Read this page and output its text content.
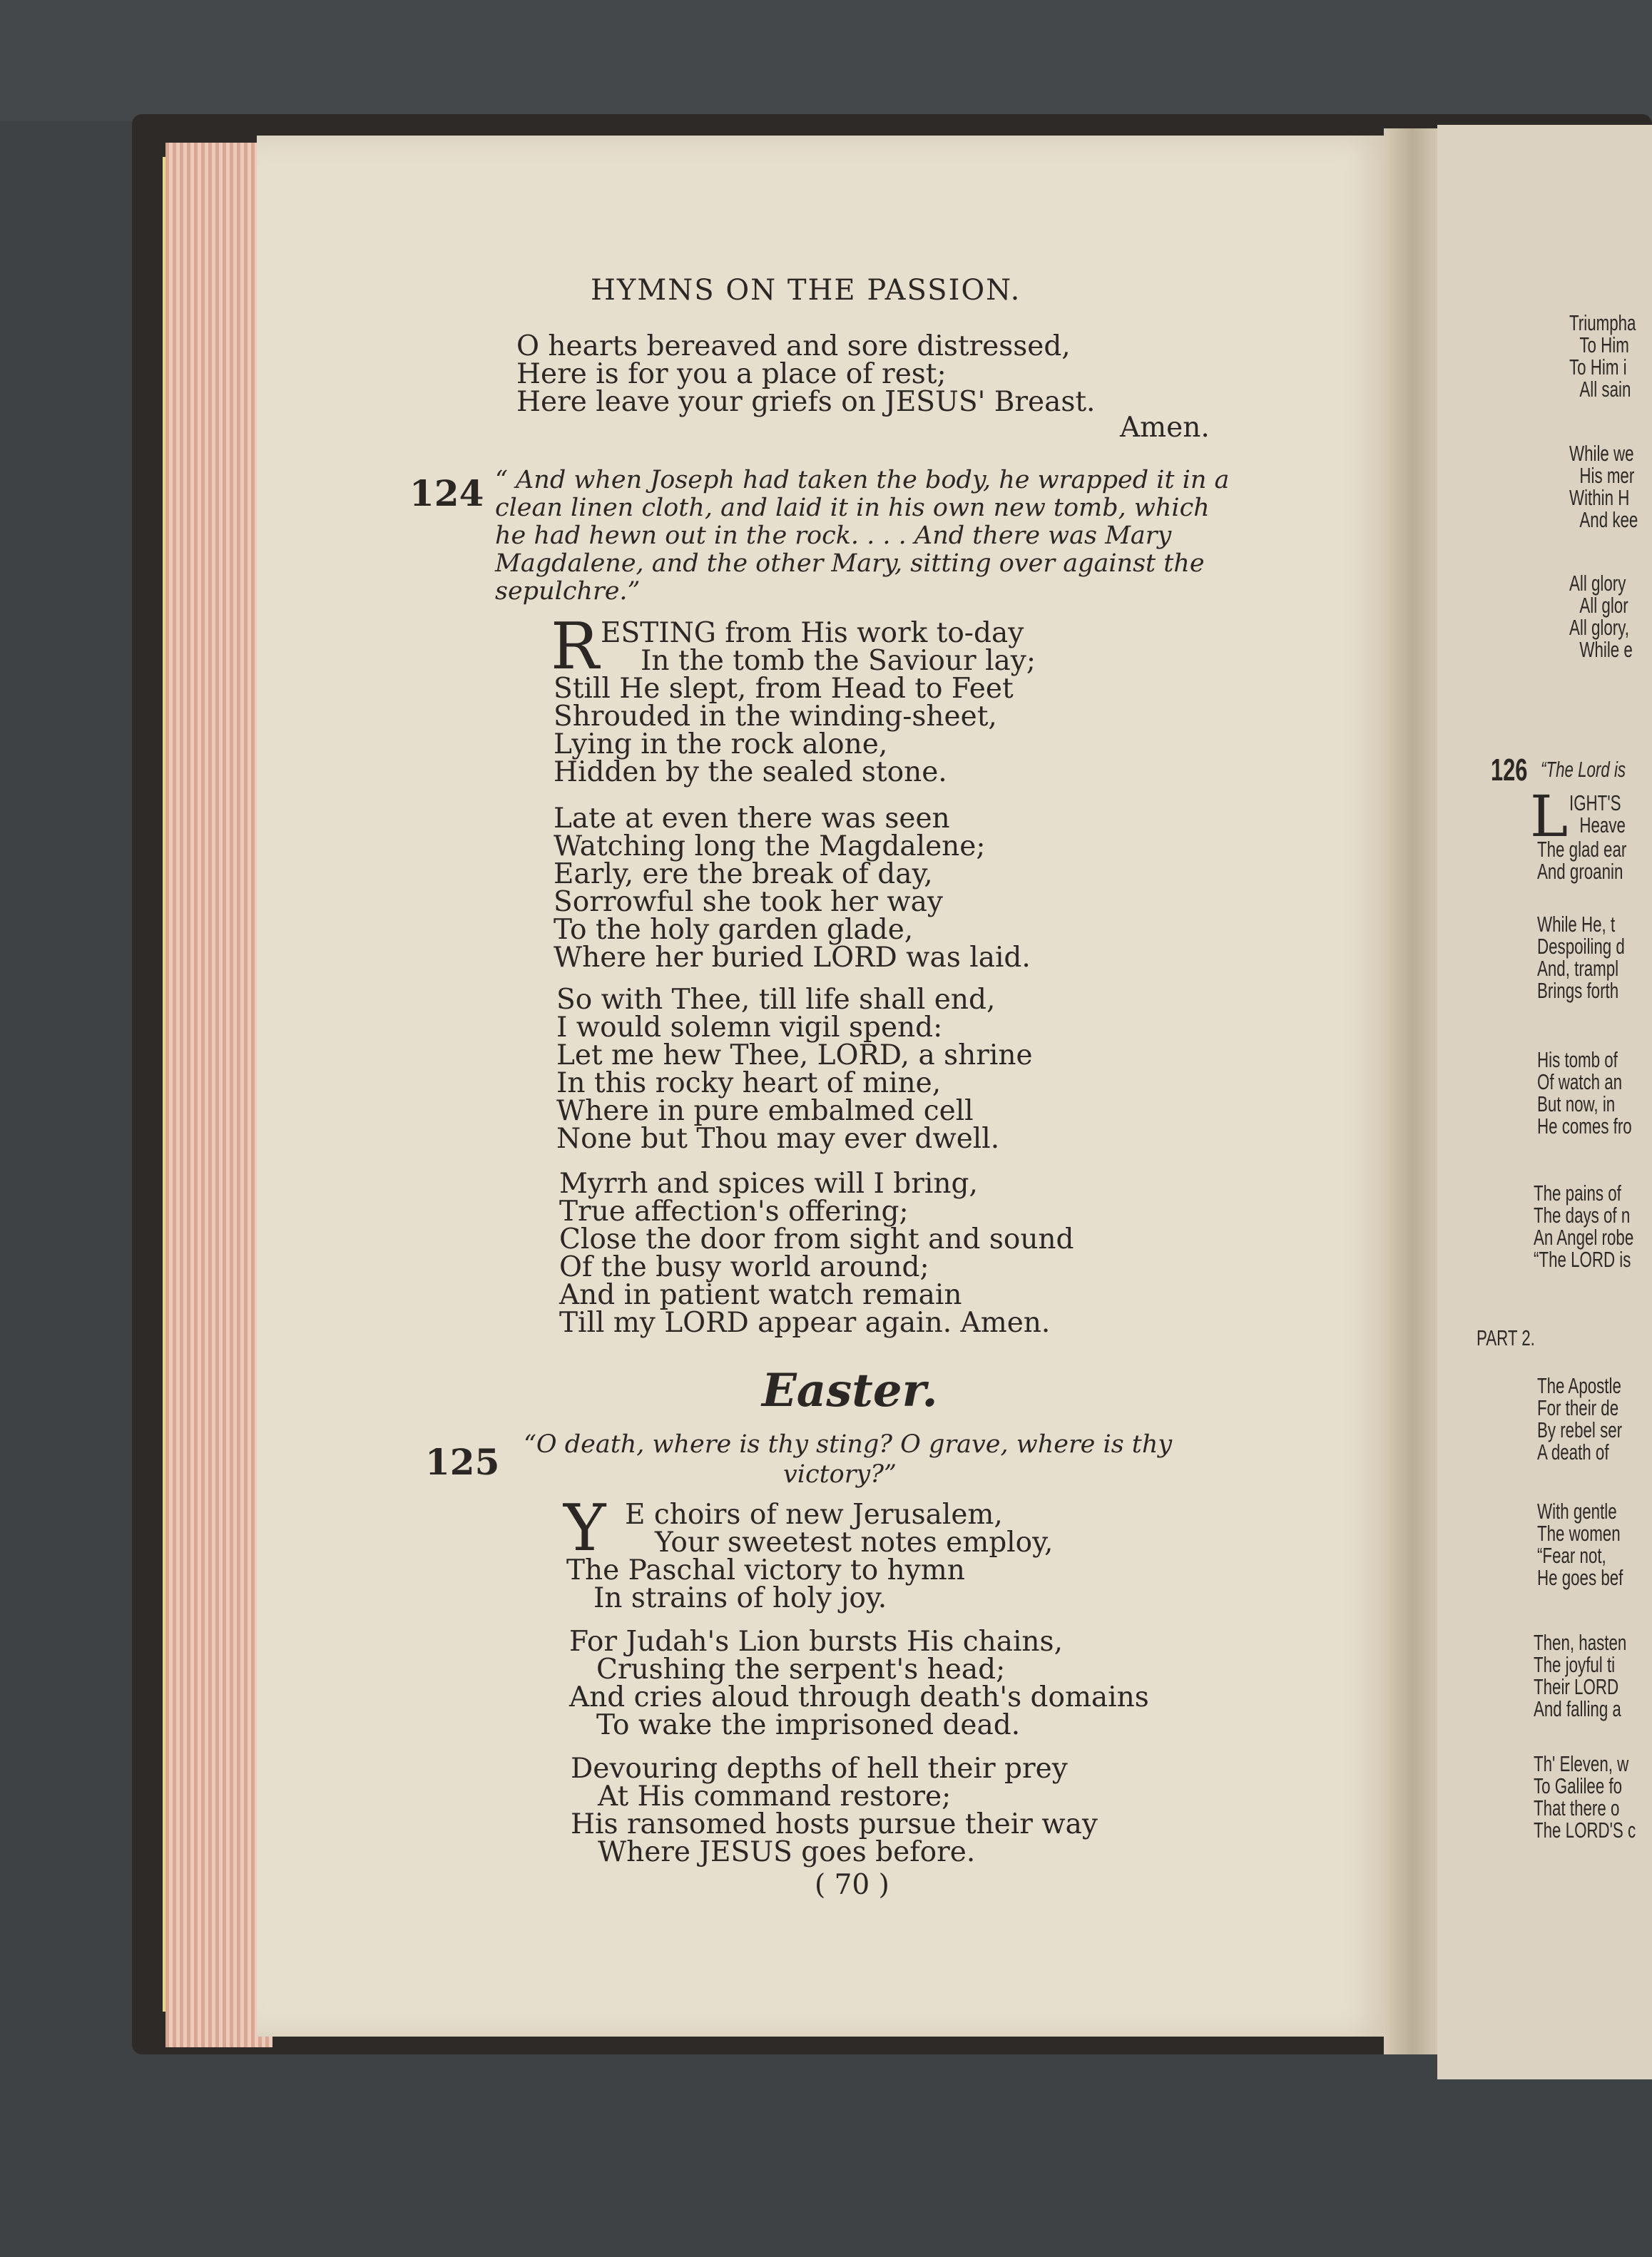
Triumpha
To Him
To Him i
All sain
While we
His mer
Within H
And kee
All glory
All glor
All glory,
While e
126 “The Lord is
L IGHT'S
Heave
The glad ear
And groanin
While He, t
Despoiling d
And, trampl
Brings forth
His tomb of
Of watch an
But now, in
He comes fro
The pains of
The days of n
An Angel robe
“The LORD is
PART 2.
The Apostle
For their de
By rebel ser
A death of
With gentle
The women
“Fear not,
He goes bef
Then, hasten
The joyful ti
Their LORD
And falling a
Th' Eleven, w
To Galilee fo
That there o
The LORD'S c
HYMNS ON THE PASSION.
O hearts bereaved and sore distressed,
Here is for you a place of rest;
Here leave your griefs on JESUS' Breast.
Amen.
124 “ And when Joseph had taken the body, he wrapped it in a clean linen cloth, and laid it in his own new tomb, which he had hewn out in the rock. . . . And there was Mary Magdalene, and the other Mary, sitting over against the sepulchre.”
R ESTING from His work to-day
In the tomb the Saviour lay;
Still He slept, from Head to Feet
Shrouded in the winding-sheet,
Lying in the rock alone,
Hidden by the sealed stone.
Late at even there was seen
Watching long the Magdalene;
Early, ere the break of day,
Sorrowful she took her way
To the holy garden glade,
Where her buried LORD was laid.
So with Thee, till life shall end,
I would solemn vigil spend:
Let me hew Thee, LORD, a shrine
In this rocky heart of mine,
Where in pure embalmed cell
None but Thou may ever dwell.
Myrrh and spices will I bring,
True affection's offering;
Close the door from sight and sound
Of the busy world around;
And in patient watch remain
Till my LORD appear again. Amen.
Easter.
125 “O death, where is thy sting? O grave, where is thy
victory?”
Y E choirs of new Jerusalem,
Your sweetest notes employ,
The Paschal victory to hymn
In strains of holy joy.
For Judah's Lion bursts His chains,
Crushing the serpent's head;
And cries aloud through death's domains
To wake the imprisoned dead.
Devouring depths of hell their prey
At His command restore;
His ransomed hosts pursue their way
Where JESUS goes before.
( 70 )
